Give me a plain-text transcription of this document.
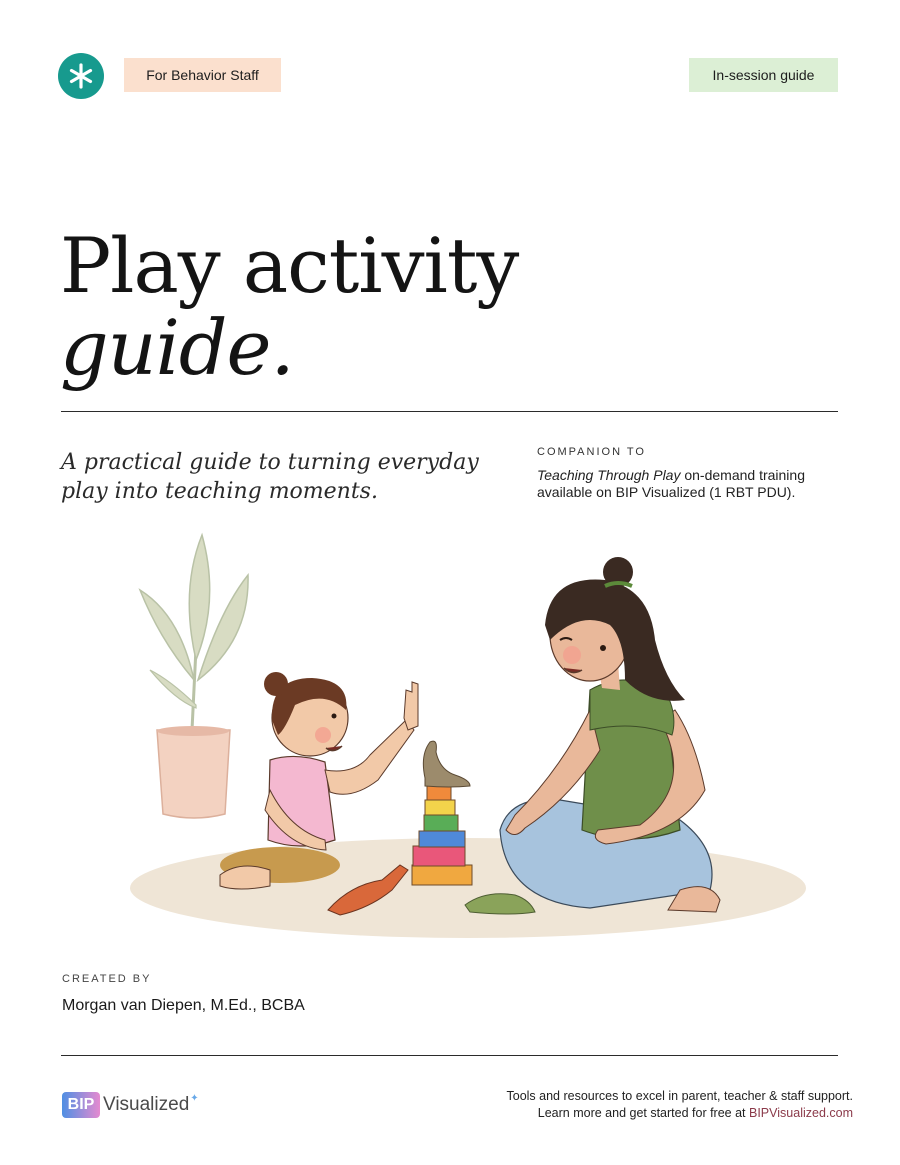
For Behavior Staff	In-session guide
Play activity
guide.

A practical guide to turning everyday play into teaching moments.

COMPANION TO
Teaching Through Play on-demand training available on BIP Visualized (1 RBT PDU).
CREATED BY
Morgan van Diepen, M.Ed., BCBA
BIP Visualized ✦	Tools and resources to excel in parent, teacher & staff support.
Learn more and get started for free at BIPVisualized.com
